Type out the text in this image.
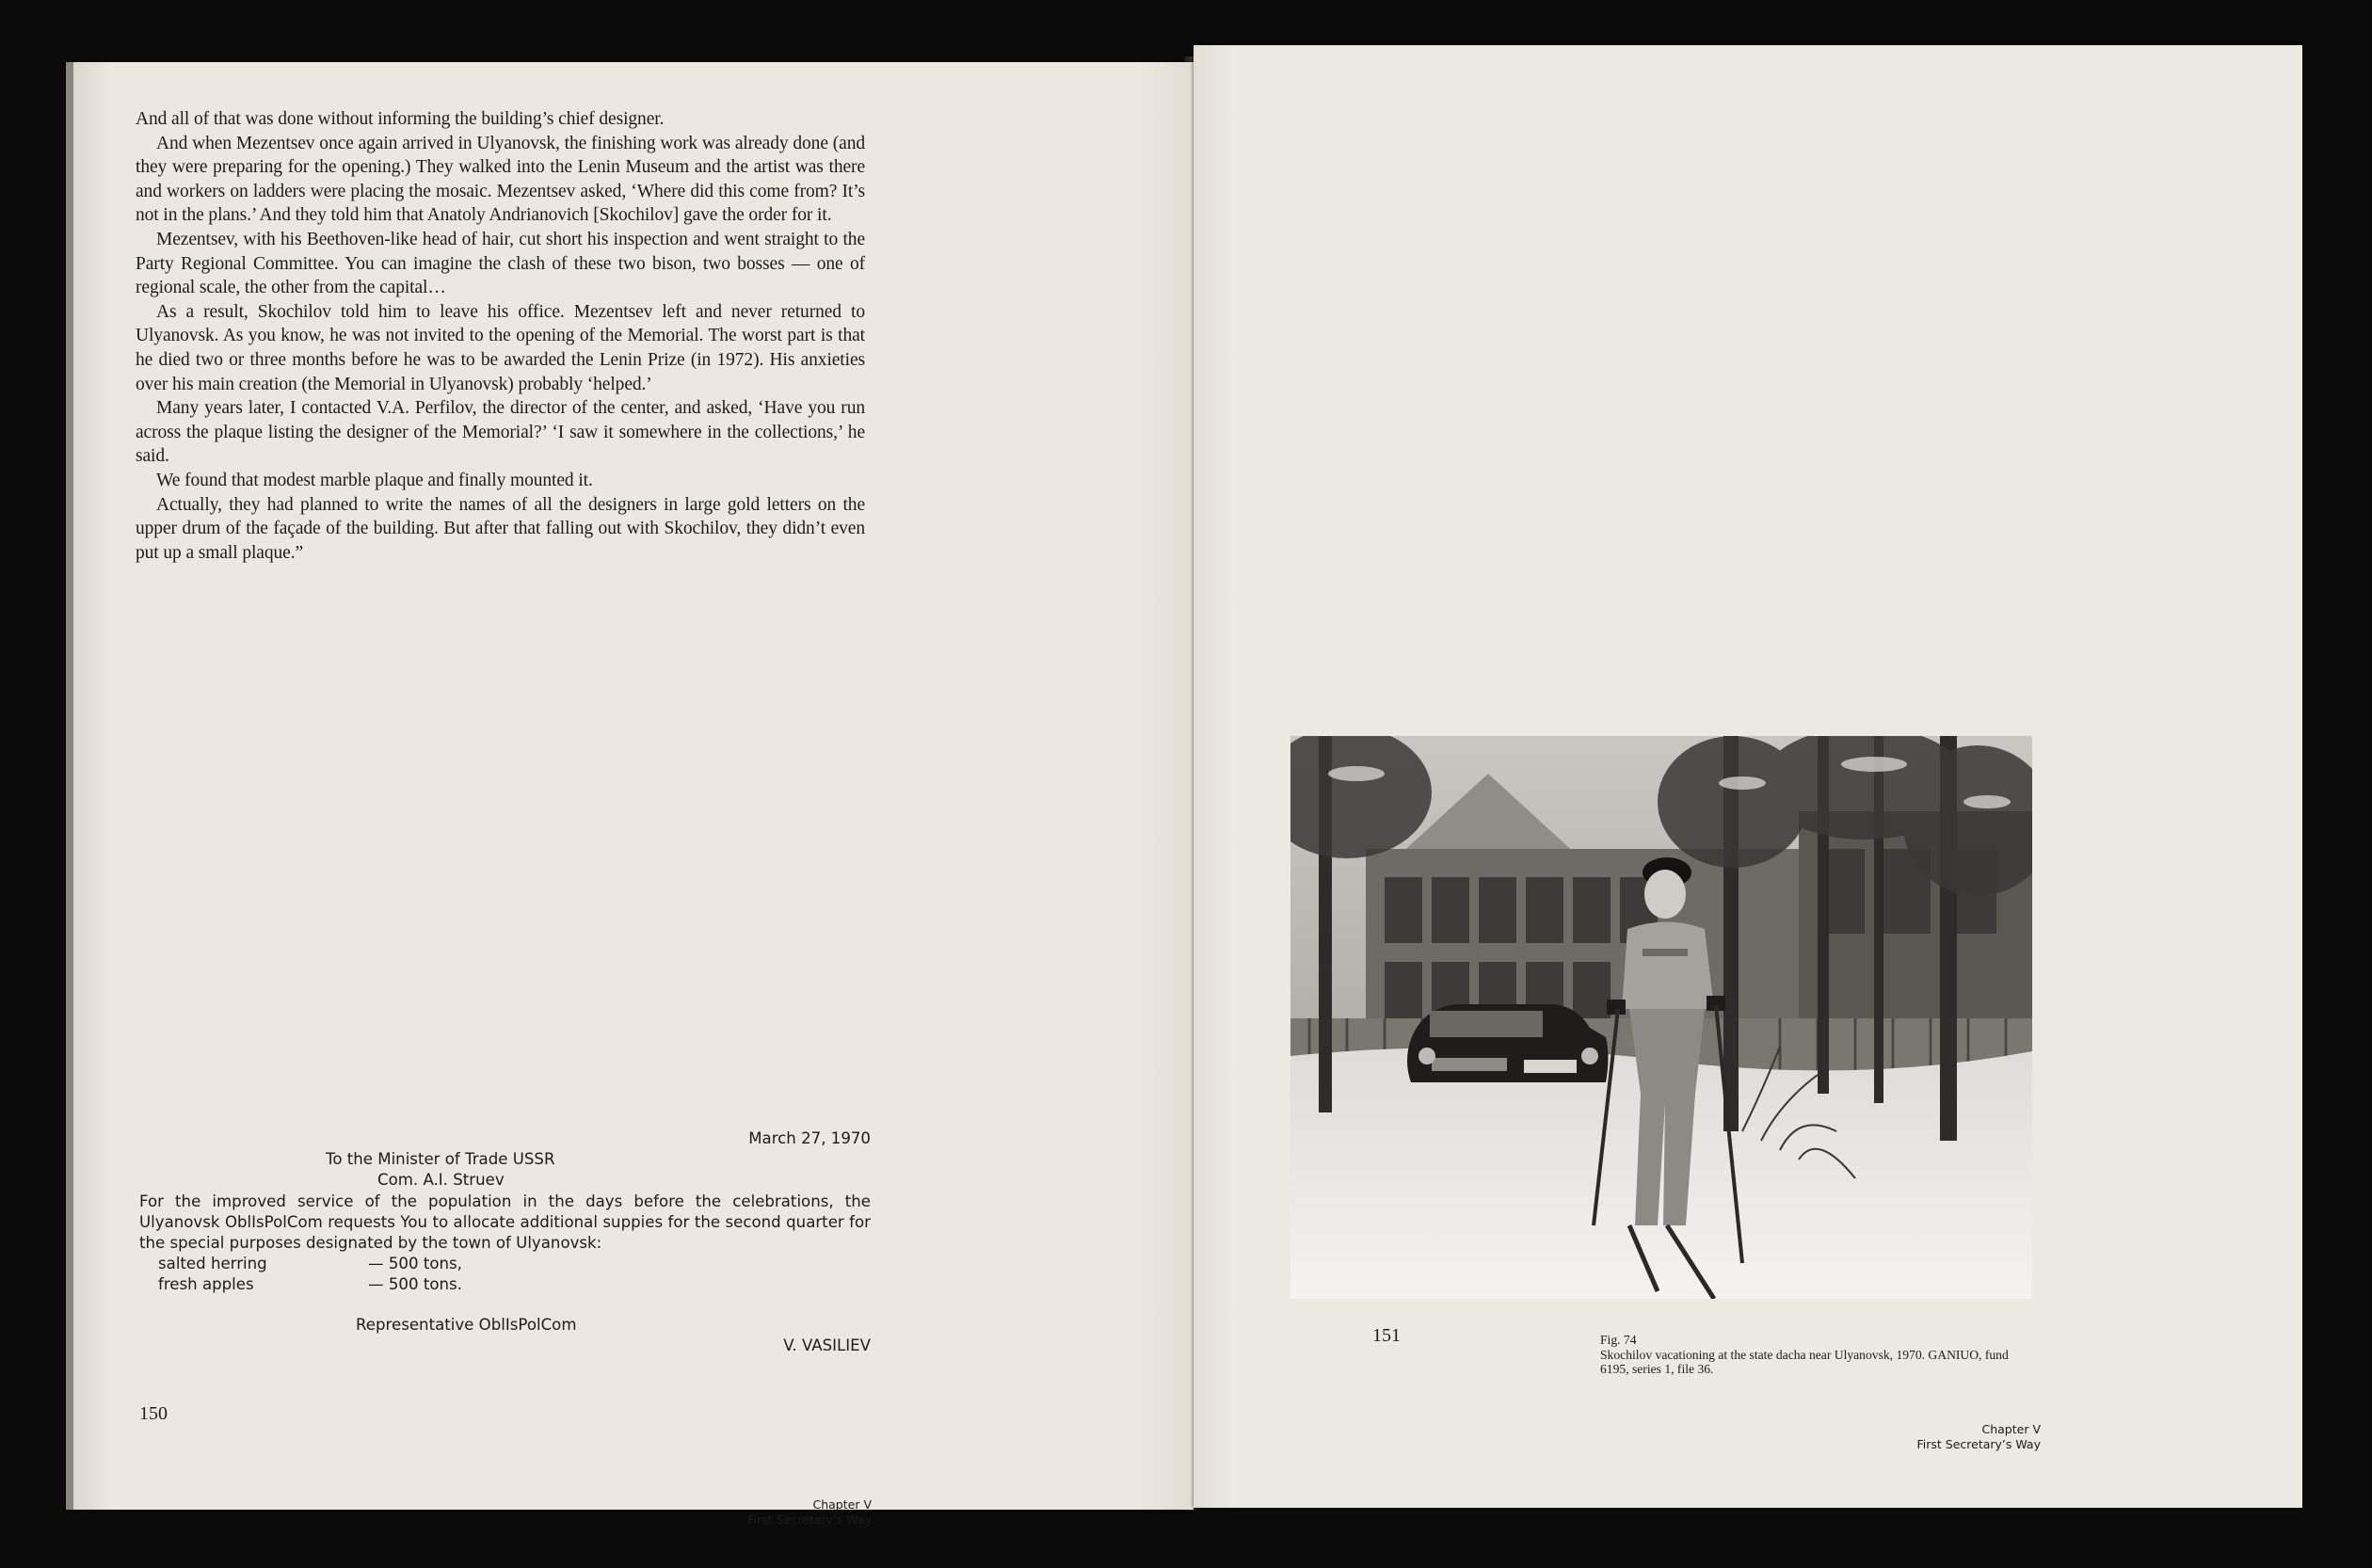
And all of that was done without informing the building’s chief designer.

And when Mezentsev once again arrived in Ulyanovsk, the finishing work was already done (and they were preparing for the opening.) They walked into the Lenin Museum and the artist was there and workers on ladders were placing the mosaic. Mezentsev asked, ‘Where did this come from? It’s not in the plans.’ And they told him that Anatoly Andrianovich [Skochilov] gave the order for it.

Mezentsev, with his Beethoven-like head of hair, cut short his inspection and went straight to the Party Regional Committee. You can imagine the clash of these two bison, two bosses — one of regional scale, the other from the capital…

As a result, Skochilov told him to leave his office. Mezentsev left and never returned to Ulyanovsk. As you know, he was not invited to the opening of the Memorial. The worst part is that he died two or three months before he was to be awarded the Lenin Prize (in 1972). His anxieties over his main creation (the Memorial in Ulyanovsk) probably ‘helped.’

Many years later, I contacted V.A. Perfilov, the director of the center, and asked, ‘Have you run across the plaque listing the designer of the Memorial?’ ‘I saw it somewhere in the collections,’ he said.

We found that modest marble plaque and finally mounted it.

Actually, they had planned to write the names of all the designers in large gold letters on the upper drum of the façade of the building. But after that falling out with Skochilov, they didn’t even put up a small plaque.”

March 27, 1970
To the Minister of Trade USSR
Com. A.I. Struev
For the improved service of the population in the days before the celebrations, the Ulyanovsk OblIsPolCom requests You to allocate additional suppies for the second quarter for the special purposes designated by the town of Ulyanovsk:
salted herring	— 500 tons,
fresh apples	— 500 tons.
Representative OblIsPolCom
V. VASILIEV
150
Chapter V
First Secretary’s Way
151	Fig. 74
Skochilov vacationing at the state dacha near Ulyanovsk, 1970. GANIUO, fund 6195, series 1, file 36.
Chapter V
First Secretary’s Way
